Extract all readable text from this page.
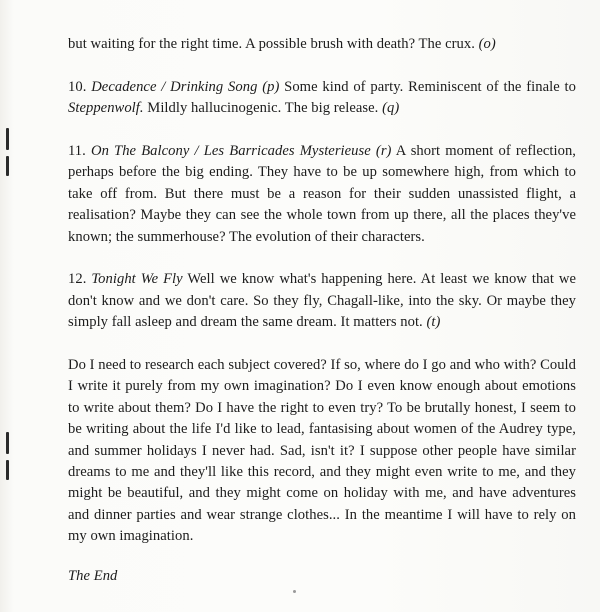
but waiting for the right time. A possible brush with death? The crux. (o)

10. Decadence / Drinking Song (p) Some kind of party. Reminiscent of the finale to Steppenwolf. Mildly hallucinogenic. The big release. (q)

11. On The Balcony / Les Barricades Mysterieuse (r) A short moment of reflection, perhaps before the big ending. They have to be up somewhere high, from which to take off from. But there must be a reason for their sudden unassisted flight, a realisation? Maybe they can see the whole town from up there, all the places they've known; the summerhouse? The evolution of their characters.

12. Tonight We Fly Well we know what's happening here. At least we know that we don't know and we don't care. So they fly, Chagall-like, into the sky. Or maybe they simply fall asleep and dream the same dream. It matters not. (t)

Do I need to research each subject covered? If so, where do I go and who with? Could I write it purely from my own imagination? Do I even know enough about emotions to write about them? Do I have the right to even try? To be brutally honest, I seem to be writing about the life I'd like to lead, fantasising about women of the Audrey type, and summer holidays I never had. Sad, isn't it? I suppose other people have similar dreams to me and they'll like this record, and they might even write to me, and they might be beautiful, and they might come on holiday with me, and have adventures and dinner parties and wear strange clothes... In the meantime I will have to rely on my own imagination.

The End
